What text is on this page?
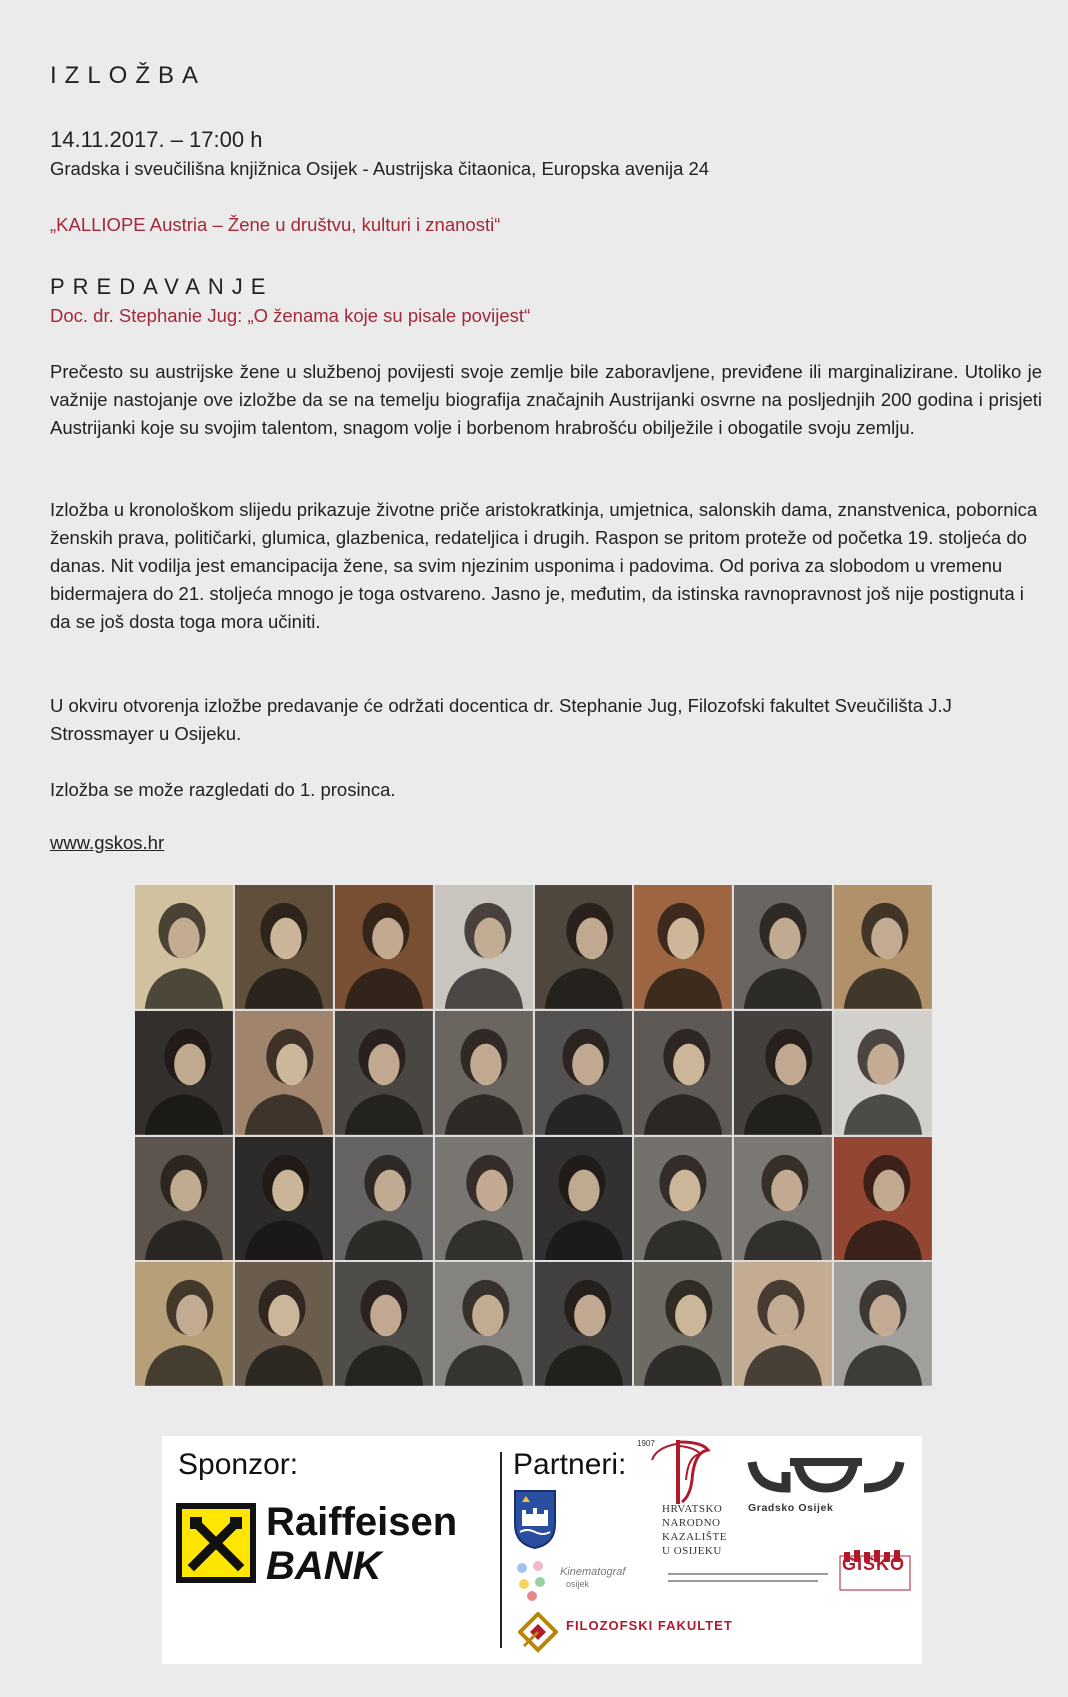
IZLOŽBA

14.11.2017. – 17:00 h

Gradska i sveučilišna knjižnica Osijek - Austrijska čitaonica, Europska avenija 24

„KALLIOPE Austria – Žene u društvu, kulturi i znanosti“

PREDAVANJE

Doc. dr. Stephanie Jug: „O ženama koje su pisale povijest“

Prečesto su austrijske žene u službenoj povijesti svoje zemlje bile zaboravljene, previđene ili marginalizirane. Utoliko je važnije nastojanje ove izložbe da se na temelju biografija značajnih Austrijanki osvrne na posljednjih 200 godina i prisjeti Austrijanki koje su svojim talentom, snagom volje i borbenom hrabrošću obilježile i obogatile svoju zemlju.

Izložba u kronološkom slijedu prikazuje životne priče aristokratkinja, umjetnica, salonskih dama, znanstvenica, pobornica ženskih prava, političarki, glumica, glazbenica, redateljica i drugih. Raspon se pritom proteže od početka 19. stoljeća do danas. Nit vodilja jest emancipacija žene, sa svim njezinim usponima i padovima. Od poriva za slobodom u vremenu bidermajera do 21. stoljeća mnogo je toga ostvareno. Jasno je, međutim, da istinska ravnopravnost još nije postignuta i da se još dosta toga mora učiniti.

U okviru otvorenja izložbe predavanje će održati docentica dr. Stephanie Jug, Filozofski fakultet Sveučilišta J.J Strossmayer u Osijeku.

Izložba se može razgledati do 1. prosinca.

www.gskos.hr

Sponzor:

Raiffeisen

BANK

Partneri:

1907
HRVATSKO
NARODNO
KAZALIŠTE
U OSIJEKU
Gradsko Osijek
Kinematograf
osijek
GISKO
FILOZOFSKI FAKULTET
